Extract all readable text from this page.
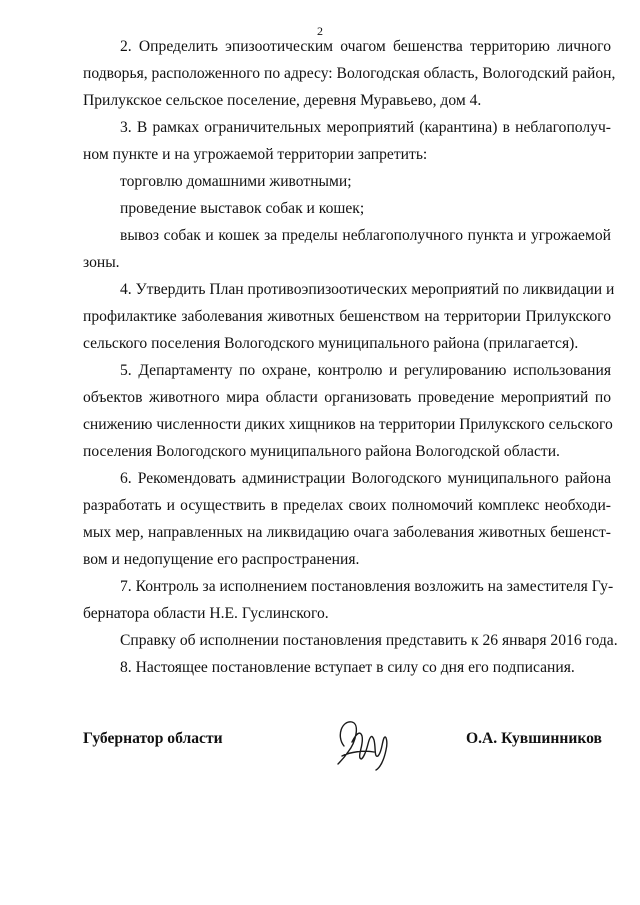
2
2. Определить эпизоотическим очагом бешенства территорию личного
подворья, расположенного по адресу: Вологодская область, Вологодский район,
Прилукское сельское поселение, деревня Муравьево, дом 4.
3. В рамках ограничительных мероприятий (карантина) в неблагополуч-
ном пункте и на угрожаемой территории запретить:
торговлю домашними животными;
проведение выставок собак и кошек;
вывоз собак и кошек за пределы неблагополучного пункта и угрожаемой
зоны.
4. Утвердить План противоэпизоотических мероприятий по ликвидации и
профилактике заболевания животных бешенством на территории Прилукского
сельского поселения Вологодского муниципального района (прилагается).
5. Департаменту по охране, контролю и регулированию использования
объектов животного мира области организовать проведение мероприятий по
снижению численности диких хищников на территории Прилукского сельского
поселения Вологодского муниципального района Вологодской области.
6. Рекомендовать администрации Вологодского муниципального района
разработать и осуществить в пределах своих полномочий комплекс необходи-
мых мер, направленных на ликвидацию очага заболевания животных бешенст-
вом и недопущение его распространения.
7. Контроль за исполнением постановления возложить на заместителя Гу-
бернатора области Н.Е. Гуслинского.
Справку об исполнении постановления представить к 26 января 2016 года.
8. Настоящее постановление вступает в силу со дня его подписания.
Губернатор области	О.А. Кувшинников
